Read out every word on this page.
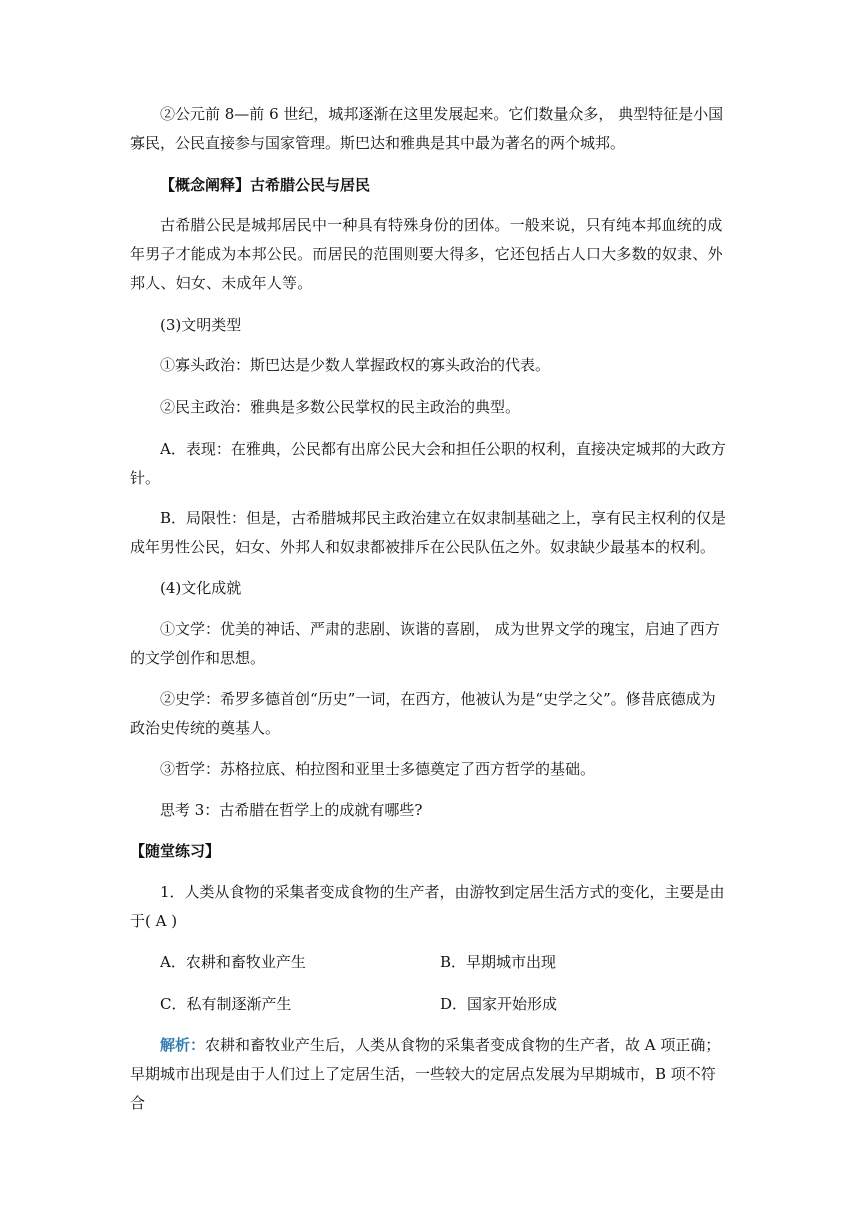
②公元前 8—前 6 世纪，城邦逐渐在这里发展起来。它们数量众多， 典型特征是小国寡民，公民直接参与国家管理。斯巴达和雅典是其中最为著名的两个城邦。

【概念阐释】古希腊公民与居民

古希腊公民是城邦居民中一种具有特殊身份的团体。一般来说，只有纯本邦血统的成年男子才能成为本邦公民。而居民的范围则要大得多，它还包括占人口大多数的奴隶、外邦人、妇女、未成年人等。

(3)文明类型

①寡头政治：斯巴达是少数人掌握政权的寡头政治的代表。

②民主政治：雅典是多数公民掌权的民主政治的典型。

A．表现：在雅典，公民都有出席公民大会和担任公职的权利，直接决定城邦的大政方针。

B．局限性：但是，古希腊城邦民主政治建立在奴隶制基础之上，享有民主权利的仅是成年男性公民，妇女、外邦人和奴隶都被排斥在公民队伍之外。奴隶缺少最基本的权利。

(4)文化成就

①文学：优美的神话、严肃的悲剧、诙谐的喜剧， 成为世界文学的瑰宝，启迪了西方的文学创作和思想。

②史学：希罗多德首创“历史”一词，在西方，他被认为是“史学之父”。修昔底德成为政治史传统的奠基人。

③哲学：苏格拉底、柏拉图和亚里士多德奠定了西方哲学的基础。

思考 3：古希腊在哲学上的成就有哪些?

【随堂练习】

1．人类从食物的采集者变成食物的生产者，由游牧到定居生活方式的变化，主要是由于( A )

A．农耕和畜牧业产生	B．早期城市出现
C．私有制逐渐产生	D．国家开始形成

解析：农耕和畜牧业产生后，人类从食物的采集者变成食物的生产者，故 A 项正确；早期城市出现是由于人们过上了定居生活，一些较大的定居点发展为早期城市，B 项不符合
